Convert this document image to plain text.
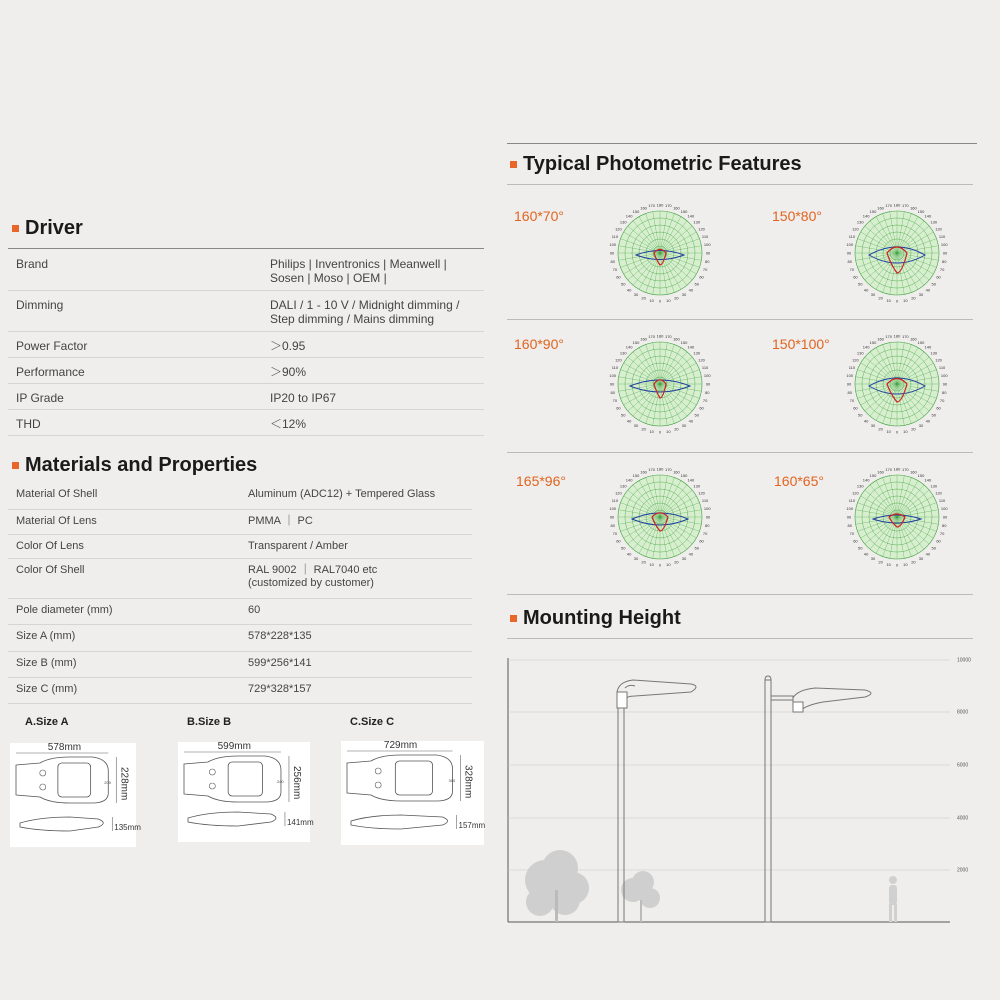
Driver
Brand	Philips | Inventronics | Meanwell |
Sosen | Moso | OEM |
Dimming	DALI / 1 - 10 V / Midnight dimming /
Step dimming / Mains dimming
Power Factor	＞0.95
Performance	＞90%
IP Grade	IP20 to IP67
THD	＜12%
Materials and Properties
Material Of Shell	Aluminum (ADC12) + Tempered Glass
Material Of Lens	PMMA ｜ PC
Color Of Lens	Transparent / Amber
Color Of Shell	RAL 9002 ｜ RAL7040 etc
(customized by customer)
Pole diameter (mm)	60
Size A (mm)	578*228*135
Size B (mm)	599*256*141
Size C (mm)	729*328*157
A.Size A
578mm
228mm
200
135mm
B.Size B
599mm
256mm
240
141mm
C.Size C
729mm
328mm
300
157mm
Typical Photometric Features
160*70°
90
80
70
60
50
40
30
20
10
0
10
20
30
40
50
60
70
80
90
100
110
120
130
140
150
160 170 180 170 160
150
140
130
120
110
100
150*80°
90
80
70
60
50
40
30
20
10
0
10
20
30
40
50
60
70
80
90
100
110
120
130
140
150
160 170 180 170 160
150
140
130
120
110
100
160*90°
90
80
70
60
50
40
30
20
10
0
10
20
30
40
50
60
70
80
90
100
110
120
130
140
150
160 170 180 170 160
150
140
130
120
110
100
150*100°
90
80
70
60
50
40
30
20
10
0
10
20
30
40
50
60
70
80
90
100
110
120
130
140
150
160 170 180 170 160
150
140
130
120
110
100
165*96°
90
80
70
60
50
40
30
20
10
0
10
20
30
40
50
60
70
80
90
100
110
120
130
140
150
160 170 180 170 160
150
140
130
120
110
100
160*65°
90
80
70
60
50
40
30
20
10
0
10
20
30
40
50
60
70
80
90
100
110
120
130
140
150
160 170 180 170 160
150
140
130
120
110
100
Mounting Height
10000
8000
6000
4000
2000
